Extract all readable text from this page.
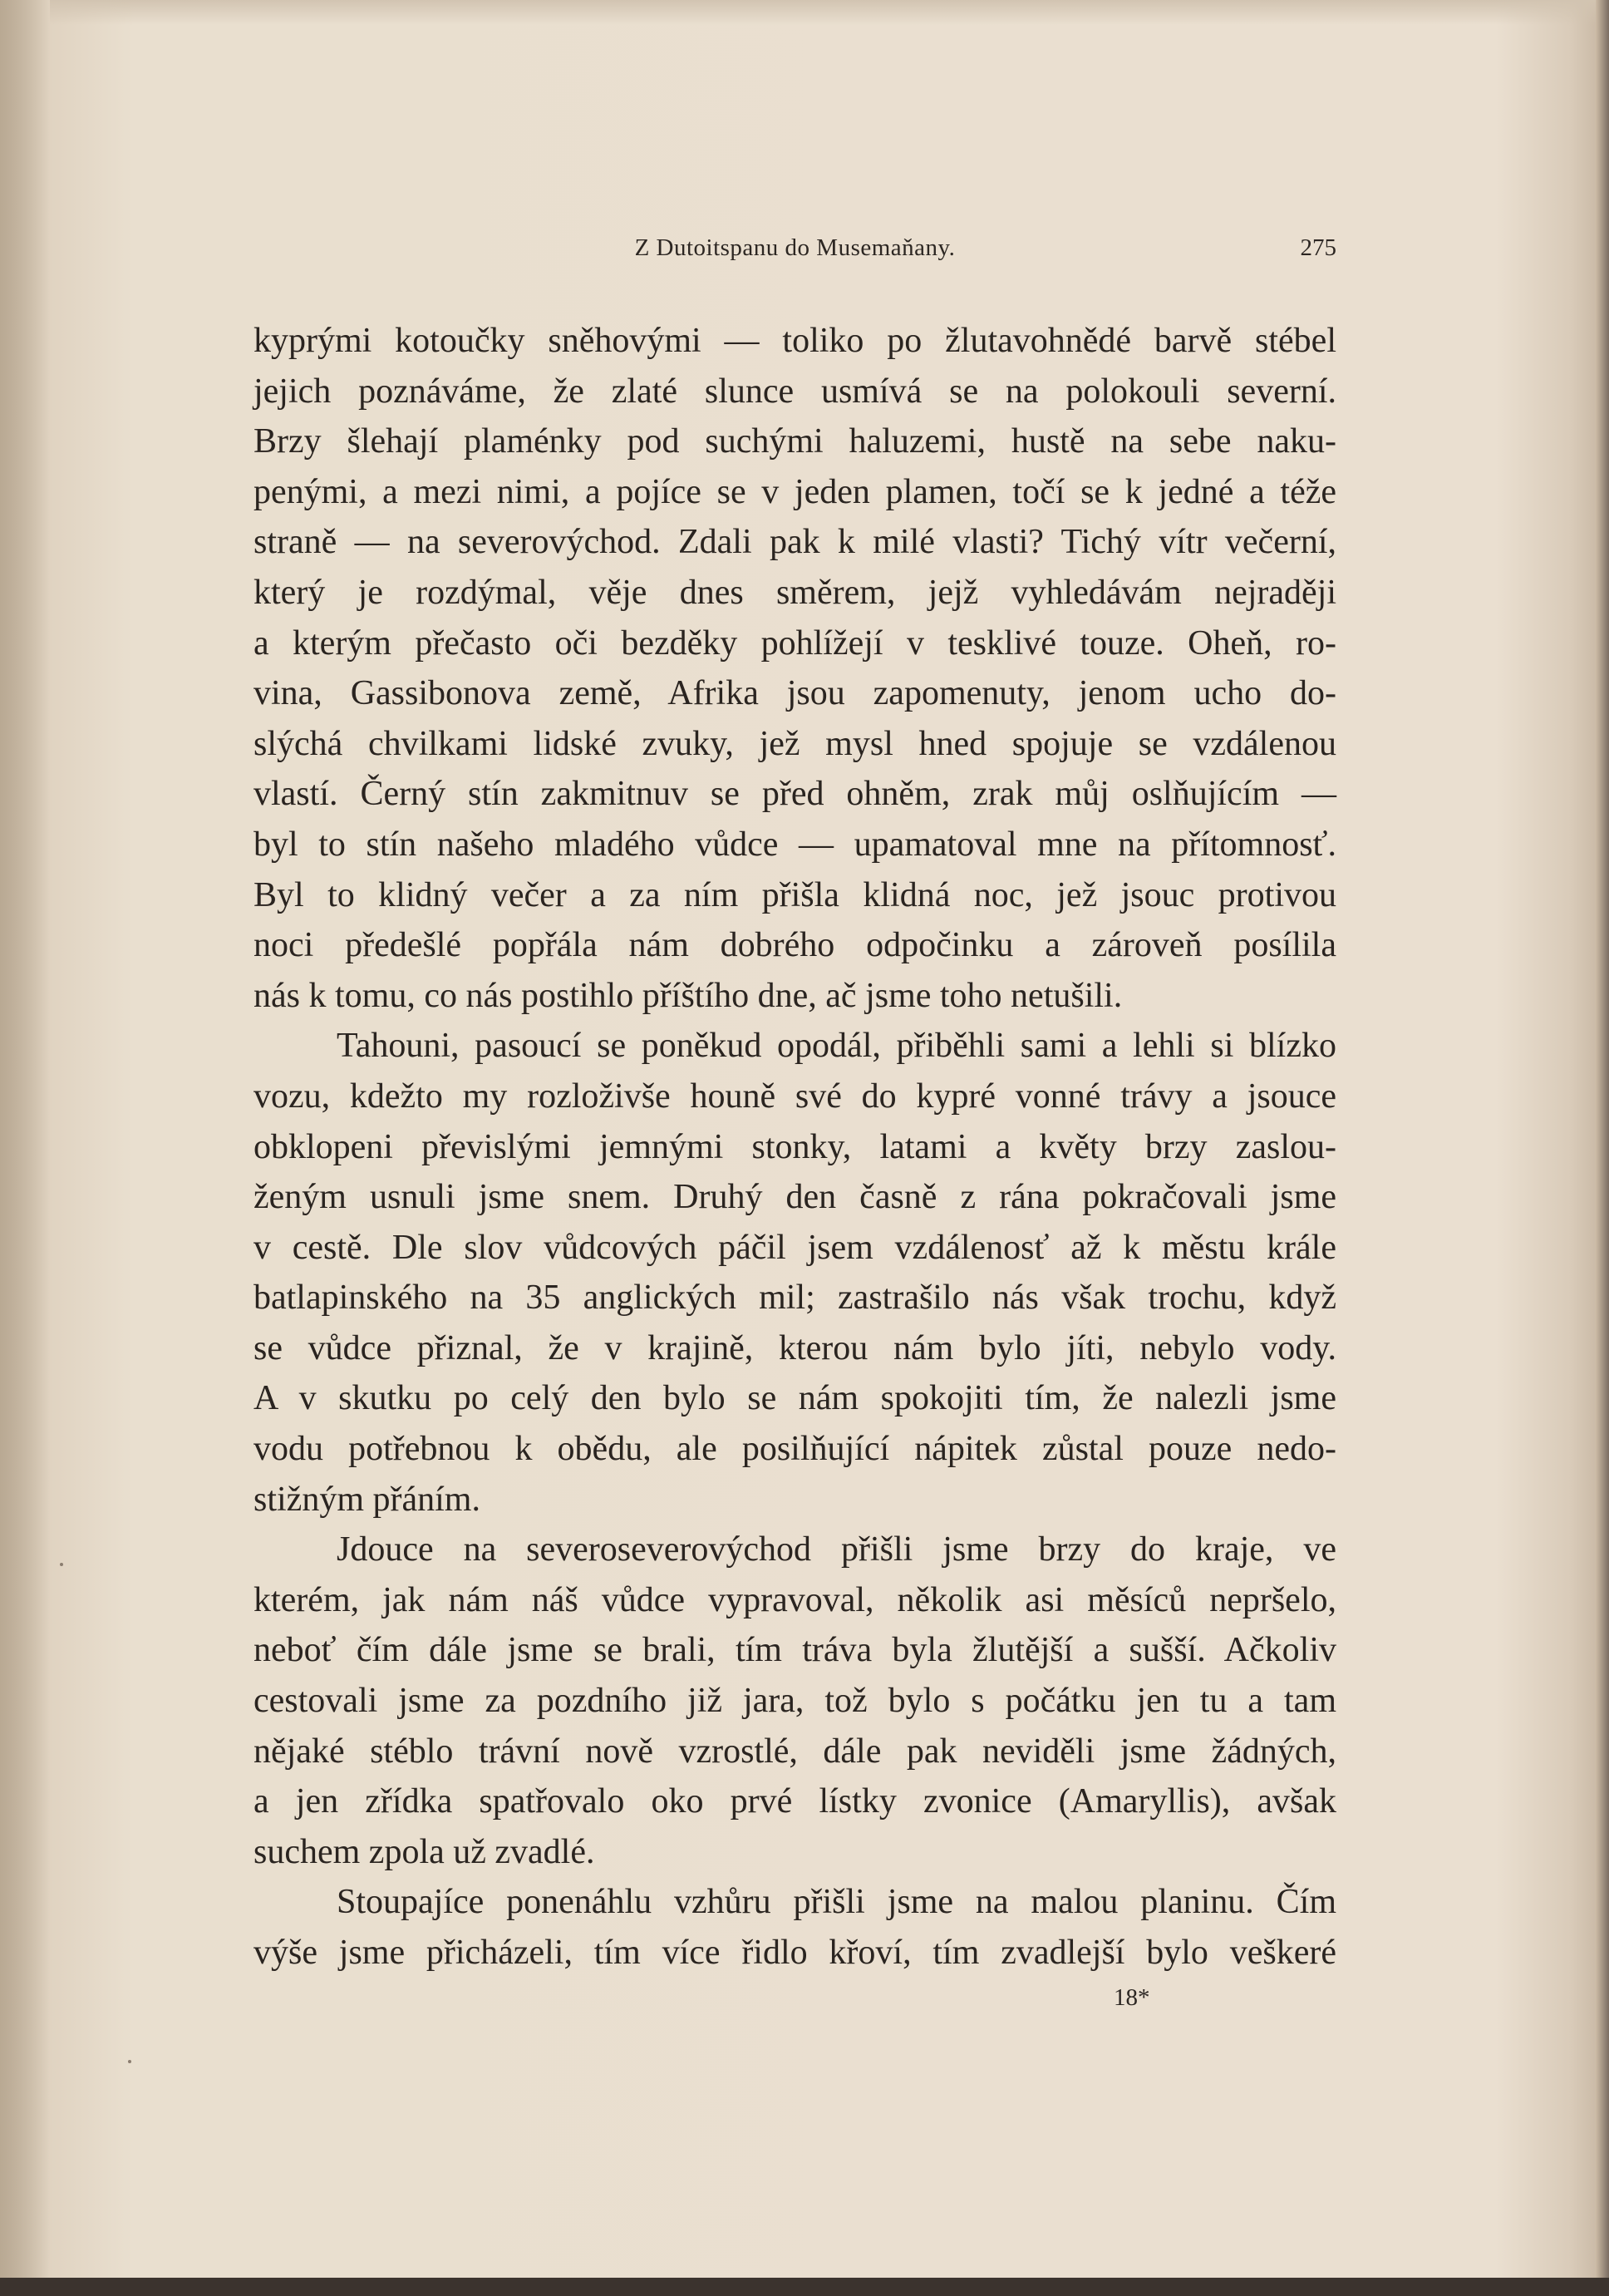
Z Dutoitspanu do Musemaňany.	275
kyprými kotoučky sněhovými — toliko po žlutavohnědé barvě stébel
jejich poznáváme, že zlaté slunce usmívá se na polokouli severní.
Brzy šlehají plaménky pod suchými haluzemi, hustě na sebe naku-
penými, a mezi nimi, a pojíce se v jeden plamen, točí se k jedné a téže
straně — na severovýchod. Zdali pak k milé vlasti? Tichý vítr večerní,
který je rozdýmal, věje dnes směrem, jejž vyhledávám nejraději
a kterým přečasto oči bezděky pohlížejí v tesklivé touze. Oheň, ro-
vina, Gassibonova země, Afrika jsou zapomenuty, jenom ucho do-
slýchá chvilkami lidské zvuky, jež mysl hned spojuje se vzdálenou
vlastí. Černý stín zakmitnuv se před ohněm, zrak můj oslňujícím —
byl to stín našeho mladého vůdce — upamatoval mne na přítomnosť.
Byl to klidný večer a za ním přišla klidná noc, jež jsouc protivou
noci předešlé popřála nám dobrého odpočinku a zároveň posílila
nás k tomu, co nás postihlo příštího dne, ač jsme toho netušili.
Tahouni, pasoucí se poněkud opodál, přiběhli sami a lehli si blízko
vozu, kdežto my rozloživše houně své do kypré vonné trávy a jsouce
obklopeni převislými jemnými stonky, latami a květy brzy zaslou-
ženým usnuli jsme snem. Druhý den časně z rána pokračovali jsme
v cestě. Dle slov vůdcových páčil jsem vzdálenosť až k městu krále
batlapinského na 35 anglických mil; zastrašilo nás však trochu, když
se vůdce přiznal, že v krajině, kterou nám bylo jíti, nebylo vody.
A v skutku po celý den bylo se nám spokojiti tím, že nalezli jsme
vodu potřebnou k obědu, ale posilňující nápitek zůstal pouze nedo-
stižným přáním.
Jdouce na severoseverovýchod přišli jsme brzy do kraje, ve
kterém, jak nám náš vůdce vypravoval, několik asi měsíců nepršelo,
neboť čím dále jsme se brali, tím tráva byla žlutější a sušší. Ačkoliv
cestovali jsme za pozdního již jara, tož bylo s počátku jen tu a tam
nějaké stéblo trávní nově vzrostlé, dále pak neviděli jsme žádných,
a jen zřídka spatřovalo oko prvé lístky zvonice (Amaryllis), avšak
suchem zpola už zvadlé.
Stoupajíce ponenáhlu vzhůru přišli jsme na malou planinu. Čím
výše jsme přicházeli, tím více řidlo křoví, tím zvadlejší bylo veškeré
18*
